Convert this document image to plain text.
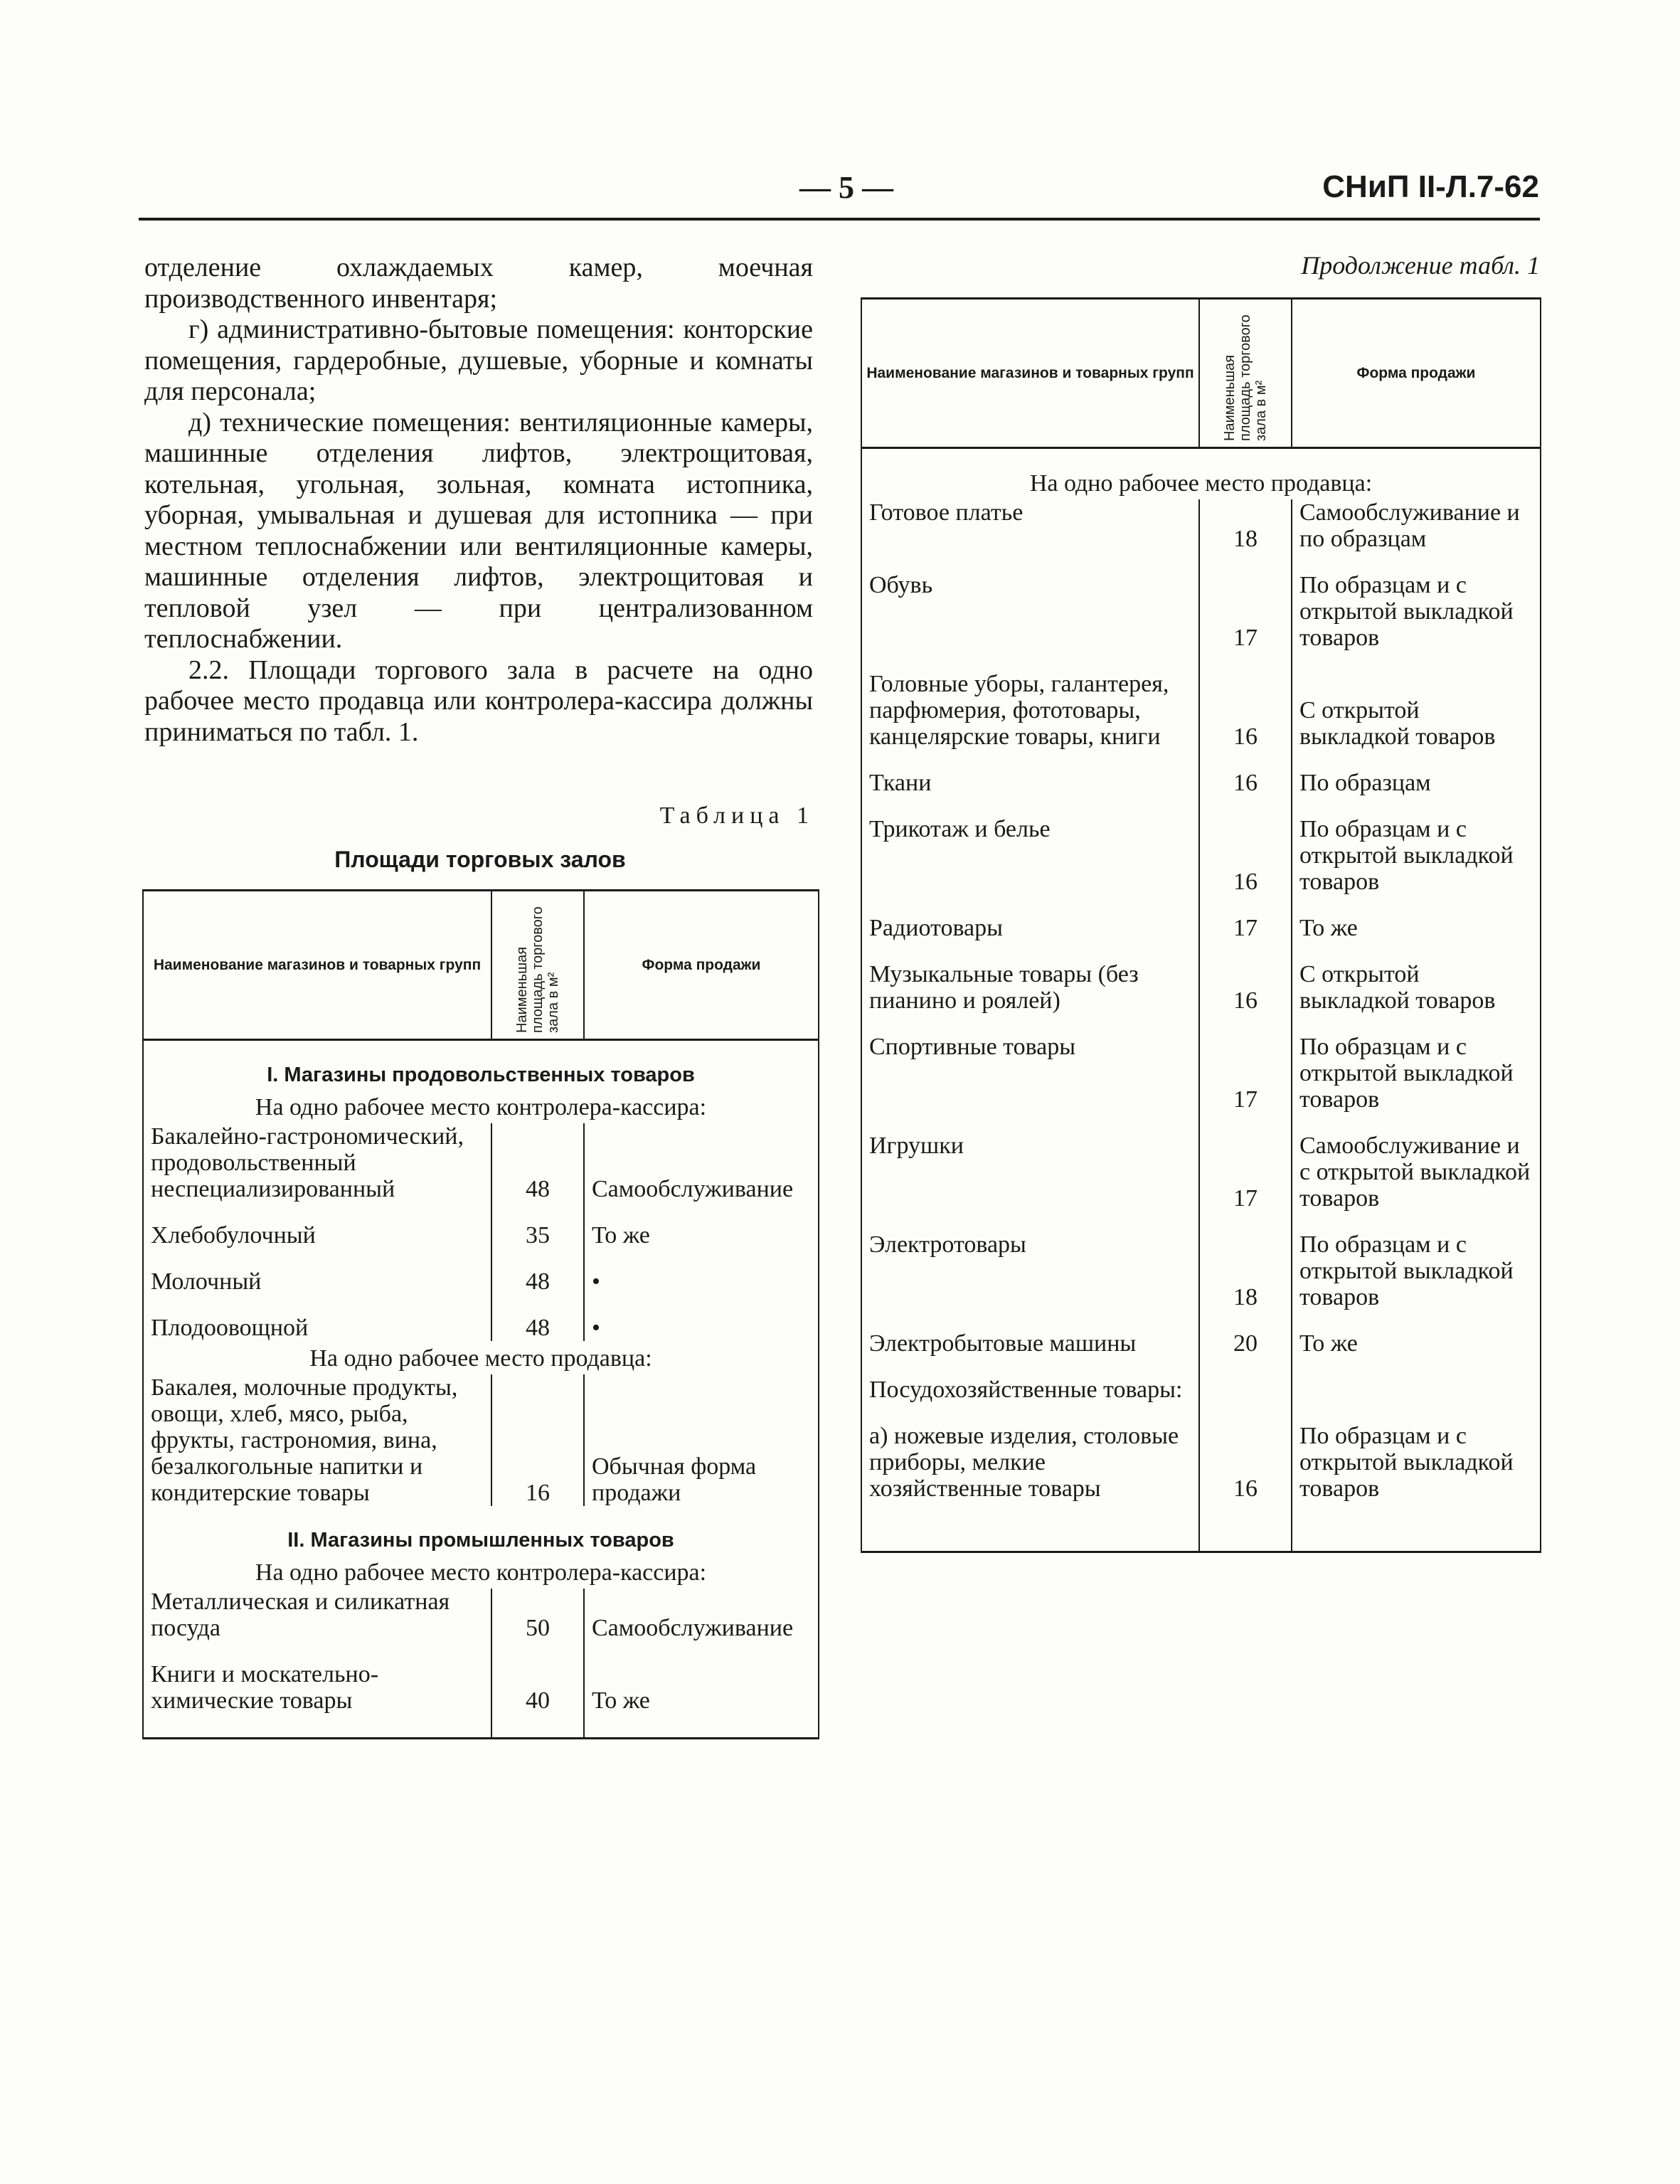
— 5 —	СНиП II-Л.7-62

отделение охлаждаемых камер, моечная производственного инвентаря;

г) административно-бытовые помещения: конторские помещения, гардеробные, душевые, уборные и комнаты для персонала;

д) технические помещения: вентиляционные камеры, машинные отделения лифтов, электрощитовая, котельная, угольная, зольная, комната истопника, уборная, умывальная и душевая для истопника — при местном теплоснабжении или вентиляционные камеры, машинные отделения лифтов, электрощитовая и тепловой узел — при централизованном теплоснабжении.

2.2. Площади торгового зала в расчете на одно рабочее место продавца или контролера-кассира должны приниматься по табл. 1.

Таблица 1
Площади торговых залов
Наименование магазинов и товарных групп	Наименьшая площадь торгового зала в м²	Форма продажи
I. Магазины продовольственных товаров		
На одно рабочее место контролера-кассира:		
Бакалейно-гастрономический, продовольственный неспециализированный	48	Самообслуживание
Хлебобулочный	35	То же
Молочный	48	•
Плодоовощной	48	•
На одно рабочее место продавца:		
Бакалея, молочные продукты, овощи, хлеб, мясо, рыба, фрукты, гастрономия, вина, безалкогольные напитки и кондитерские товары	16	Обычная форма продажи
II. Магазины промышленных товаров		
На одно рабочее место контролера-кассира:		
Металлическая и силикатная посуда	50	Самообслуживание
Книги и москательно-химические товары	40	То же

Продолжение табл. 1
Наименование магазинов и товарных групп	Наименьшая площадь торгового зала в м²	Форма продажи
На одно рабочее место продавца:		
Готовое платье	18	Самообслуживание и по образцам
Обувь	17	По образцам и с открытой выкладкой товаров
Головные уборы, галантерея, парфюмерия, фототовары, канцелярские товары, книги	16	С открытой выкладкой товаров
Ткани	16	По образцам
Трикотаж и белье	16	По образцам и с открытой выкладкой товаров
Радиотовары	17	То же
Музыкальные товары (без пианино и роялей)	16	С открытой выкладкой товаров
Спортивные товары	17	По образцам и с открытой выкладкой товаров
Игрушки	17	Самообслуживание и с открытой выкладкой товаров
Электротовары	18	По образцам и с открытой выкладкой товаров
Электробытовые машины	20	То же
Посудохозяйственные товары:		
а) ножевые изделия, столовые приборы, мелкие хозяйственные товары	16	По образцам и с открытой выкладкой товаров
